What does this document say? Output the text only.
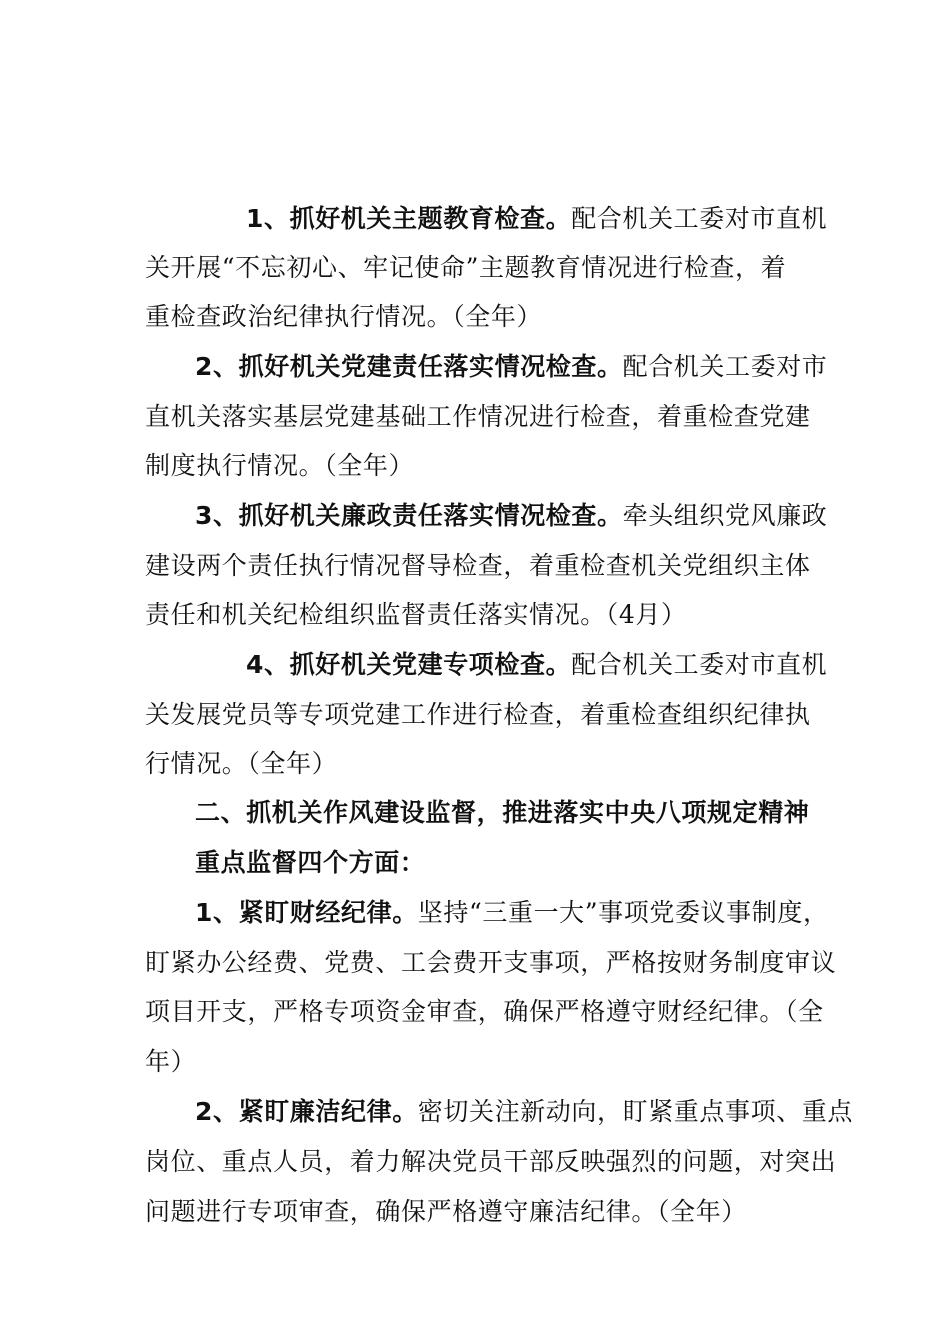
1、抓好机关主题教育检查。配合机关工委对市直机
关开展“不忘初心、牢记使命”主题教育情况进行检查，着
重检查政治纪律执行情况。（全年）
2、抓好机关党建责任落实情况检查。配合机关工委对市
直机关落实基层党建基础工作情况进行检查，着重检查党建
制度执行情况。（全年）
3、抓好机关廉政责任落实情况检查。牵头组织党风廉政
建设两个责任执行情况督导检查，着重检查机关党组织主体
责任和机关纪检组织监督责任落实情况。（4月）
4、抓好机关党建专项检查。配合机关工委对市直机
关发展党员等专项党建工作进行检查，着重检查组织纪律执
行情况。（全年）
二、抓机关作风建设监督，推进落实中央八项规定精神
重点监督四个方面：
1、紧盯财经纪律。坚持“三重一大”事项党委议事制度，
盯紧办公经费、党费、工会费开支事项，严格按财务制度审议
项目开支，严格专项资金审查，确保严格遵守财经纪律。（全
年）
2、紧盯廉洁纪律。密切关注新动向，盯紧重点事项、重点
岗位、重点人员，着力解决党员干部反映强烈的问题，对突出
问题进行专项审查，确保严格遵守廉洁纪律。（全年）
